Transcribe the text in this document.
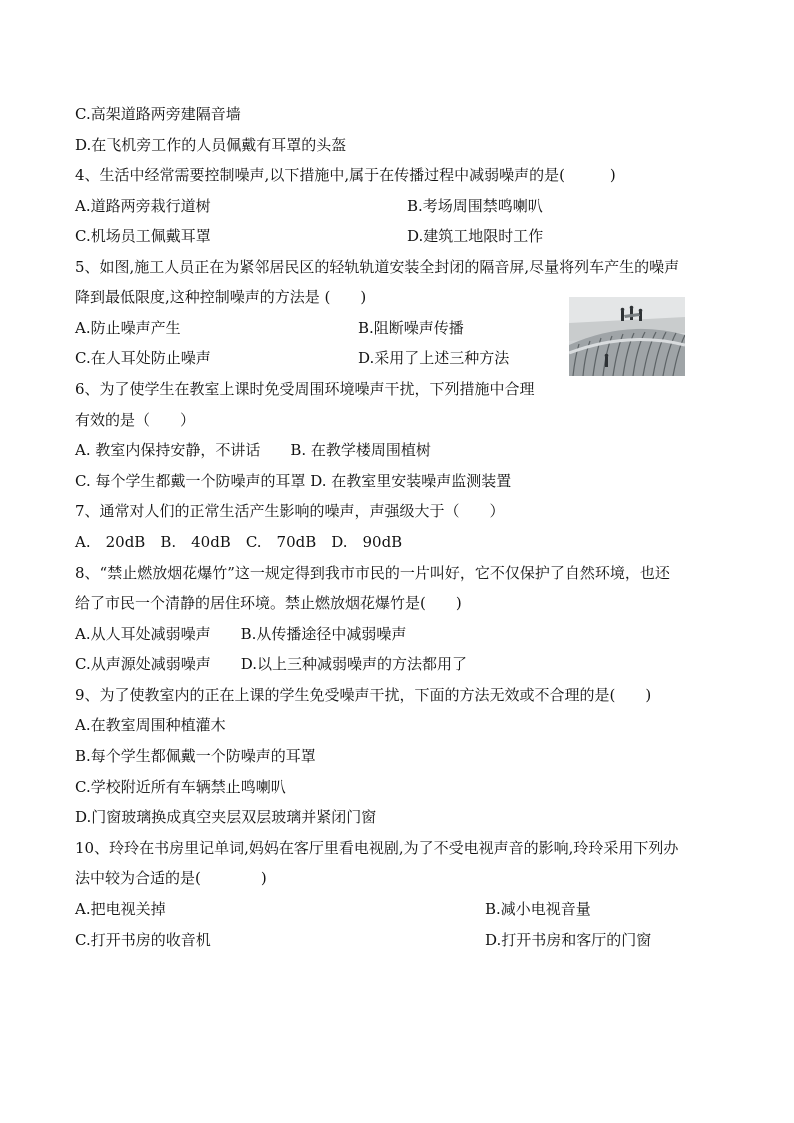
C.高架道路两旁建隔音墙
D.在飞机旁工作的人员佩戴有耳罩的头盔
4、生活中经常需要控制噪声,以下措施中,属于在传播过程中减弱噪声的是(　　　)
A.道路两旁栽行道树	B.考场周围禁鸣喇叭
C.机场员工佩戴耳罩	D.建筑工地限时工作
5、如图,施工人员正在为紧邻居民区的轻轨轨道安装全封闭的隔音屏,尽量将列车产生的噪声
降到最低限度,这种控制噪声的方法是 (　　)
A.防止噪声产生	B.阻断噪声传播
C.在人耳处防止噪声	D.采用了上述三种方法
6、为了使学生在教室上课时免受周围环境噪声干扰，下列措施中合理
有效的是（　　）
A. 教室内保持安静，不讲话　　B. 在教学楼周围植树
C. 每个学生都戴一个防噪声的耳罩 D. 在教室里安装噪声监测装置
7、通常对人们的正常生活产生影响的噪声，声强级大于（　　）
A.　20dB　B.　40dB　C.　70dB　D.　90dB
8、“禁止燃放烟花爆竹”这一规定得到我市市民的一片叫好，它不仅保护了自然环境，也还
给了市民一个清静的居住环境。禁止燃放烟花爆竹是(　　)
A.从人耳处减弱噪声　　B.从传播途径中减弱噪声
C.从声源处减弱噪声　　D.以上三种减弱噪声的方法都用了
9、为了使教室内的正在上课的学生免受噪声干扰，下面的方法无效或不合理的是(　　)
A.在教室周围种植灌木
B.每个学生都佩戴一个防噪声的耳罩
C.学校附近所有车辆禁止鸣喇叭
D.门窗玻璃换成真空夹层双层玻璃并紧闭门窗
10、玲玲在书房里记单词,妈妈在客厅里看电视剧,为了不受电视声音的影响,玲玲采用下列办
法中较为合适的是(　　　　)
A.把电视关掉	B.减小电视音量
C.打开书房的收音机	D.打开书房和客厅的门窗
